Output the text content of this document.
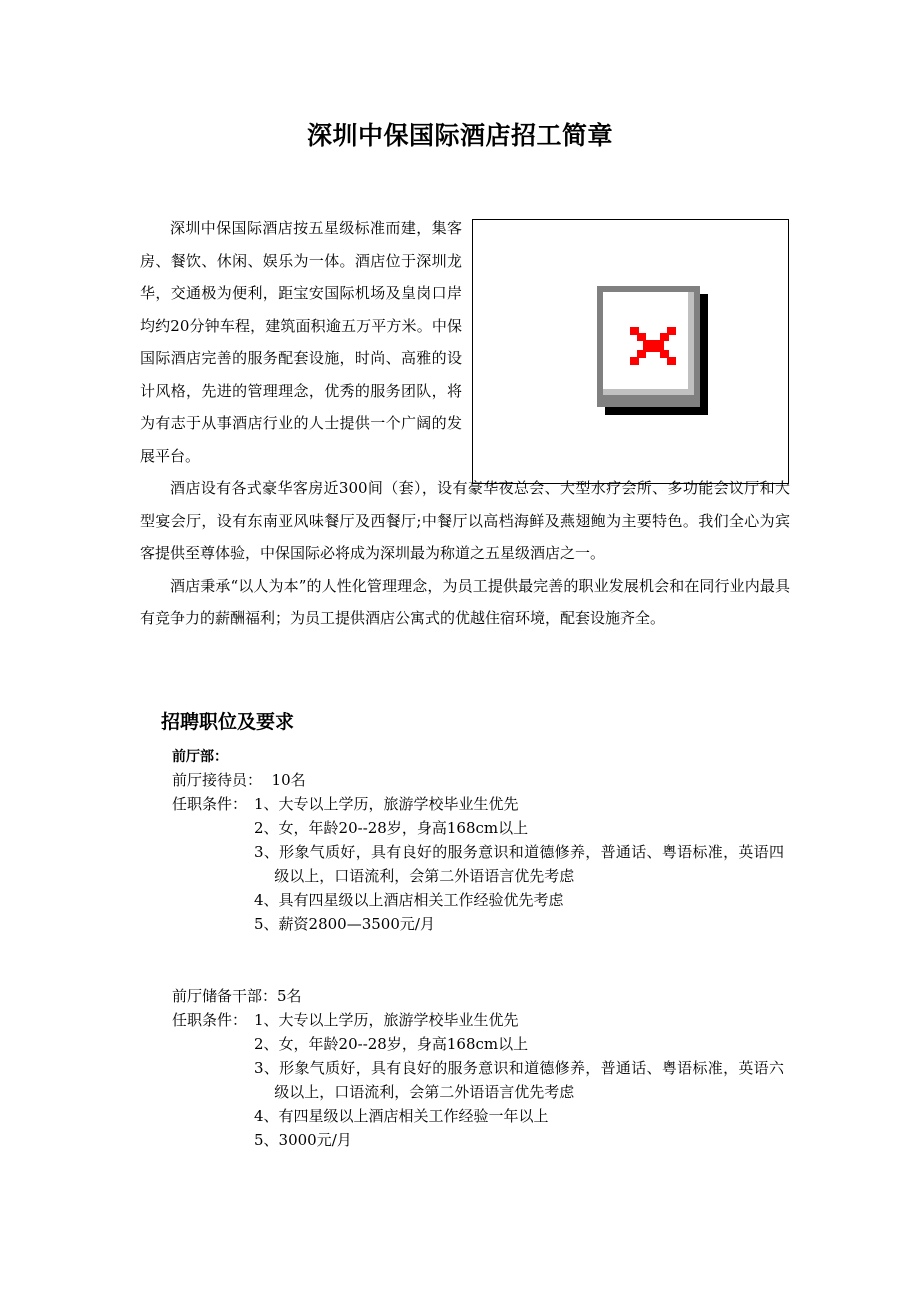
深圳中保国际酒店招工简章

深圳中保国际酒店按五星级标准而建，集客房、餐饮、休闲、娱乐为一体。酒店位于深圳龙华，交通极为便利，距宝安国际机场及皇岗口岸均约20分钟车程，建筑面积逾五万平方米。中保国际酒店完善的服务配套设施，时尚、高雅的设计风格，先进的管理理念，优秀的服务团队，将为有志于从事酒店行业的人士提供一个广阔的发展平台。

酒店设有各式豪华客房近300间（套），设有豪华夜总会、大型水疗会所、多功能会议厅和大型宴会厅，设有东南亚风味餐厅及西餐厅;中餐厅以高档海鲜及燕翅鲍为主要特色。我们全心为宾客提供至尊体验，中保国际必将成为深圳最为称道之五星级酒店之一。

酒店秉承“以人为本”的人性化管理理念，为员工提供最完善的职业发展机会和在同行业内最具有竞争力的薪酬福利；为员工提供酒店公寓式的优越住宿环境，配套设施齐全。

招聘职位及要求
前厅部：
前厅接待员：  10名
任职条件： 1、大专以上学历，旅游学校毕业生优先
2、女，年龄20--28岁，身高168cm以上
3、形象气质好，具有良好的服务意识和道德修养，普通话、粤语标准，英语四级以上，口语流利，会第二外语语言优先考虑
4、具有四星级以上酒店相关工作经验优先考虑
5、薪资2800—3500元/月
前厅储备干部：5名
任职条件： 1、大专以上学历，旅游学校毕业生优先
2、女，年龄20--28岁，身高168cm以上
3、形象气质好，具有良好的服务意识和道德修养，普通话、粤语标准，英语六级以上，口语流利，会第二外语语言优先考虑
4、有四星级以上酒店相关工作经验一年以上
5、3000元/月
